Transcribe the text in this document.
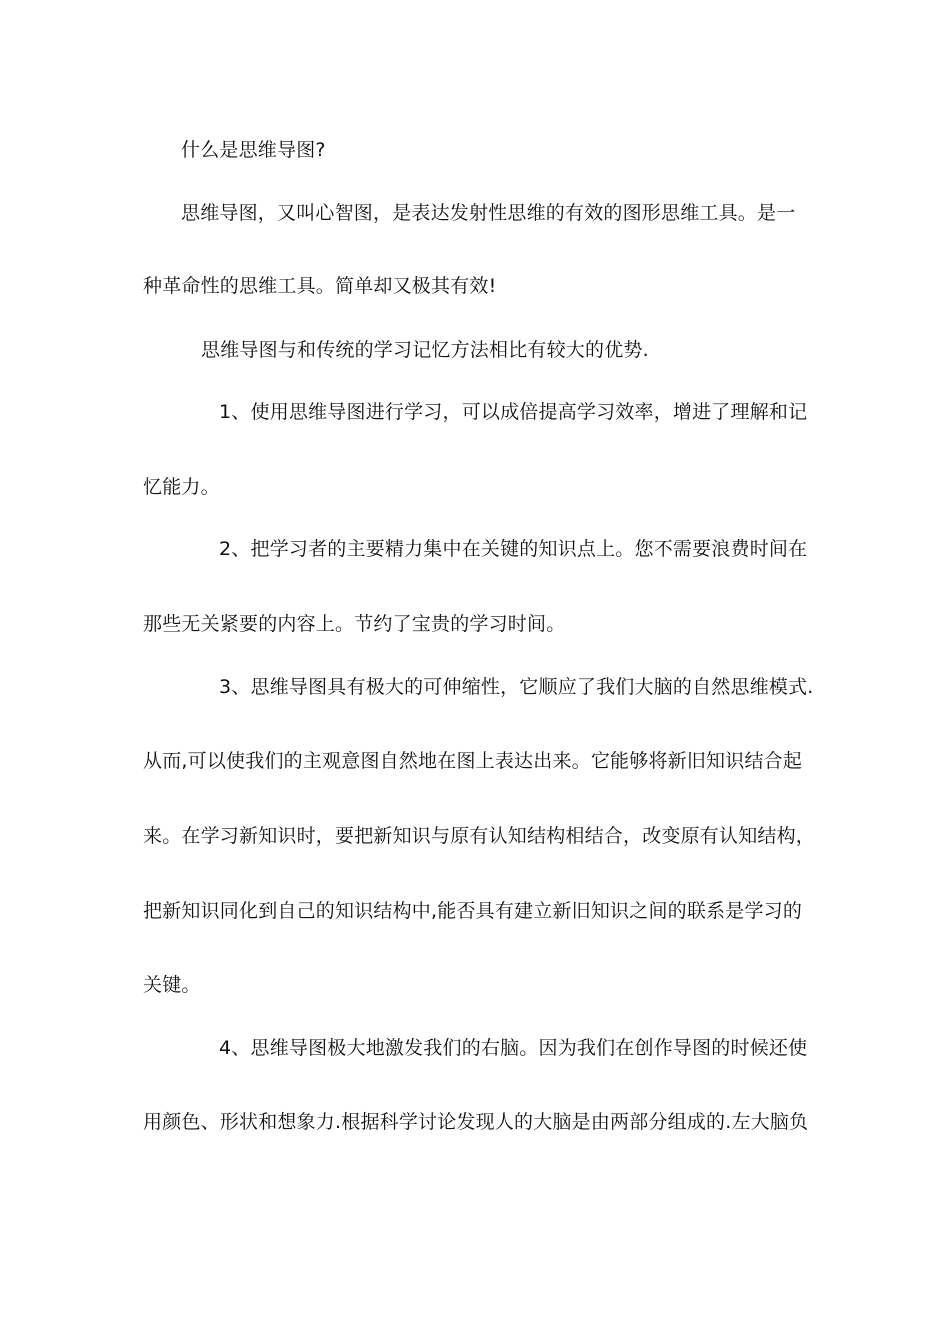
什么是思维导图?
思维导图，又叫心智图，是表达发射性思维的有效的图形思维工具。是一
种革命性的思维工具。简单却又极其有效!
思维导图与和传统的学习记忆方法相比有较大的优势.
1、使用思维导图进行学习，可以成倍提高学习效率，增进了理解和记
忆能力。
2、把学习者的主要精力集中在关键的知识点上。您不需要浪费时间在
那些无关紧要的内容上。节约了宝贵的学习时间。
3、思维导图具有极大的可伸缩性，它顺应了我们大脑的自然思维模式.
从而,可以使我们的主观意图自然地在图上表达出来。它能够将新旧知识结合起
来。在学习新知识时，要把新知识与原有认知结构相结合，改变原有认知结构，
把新知识同化到自己的知识结构中,能否具有建立新旧知识之间的联系是学习的
关键。
4、思维导图极大地激发我们的右脑。因为我们在创作导图的时候还使
用颜色、形状和想象力.根据科学讨论发现人的大脑是由两部分组成的.左大脑负
